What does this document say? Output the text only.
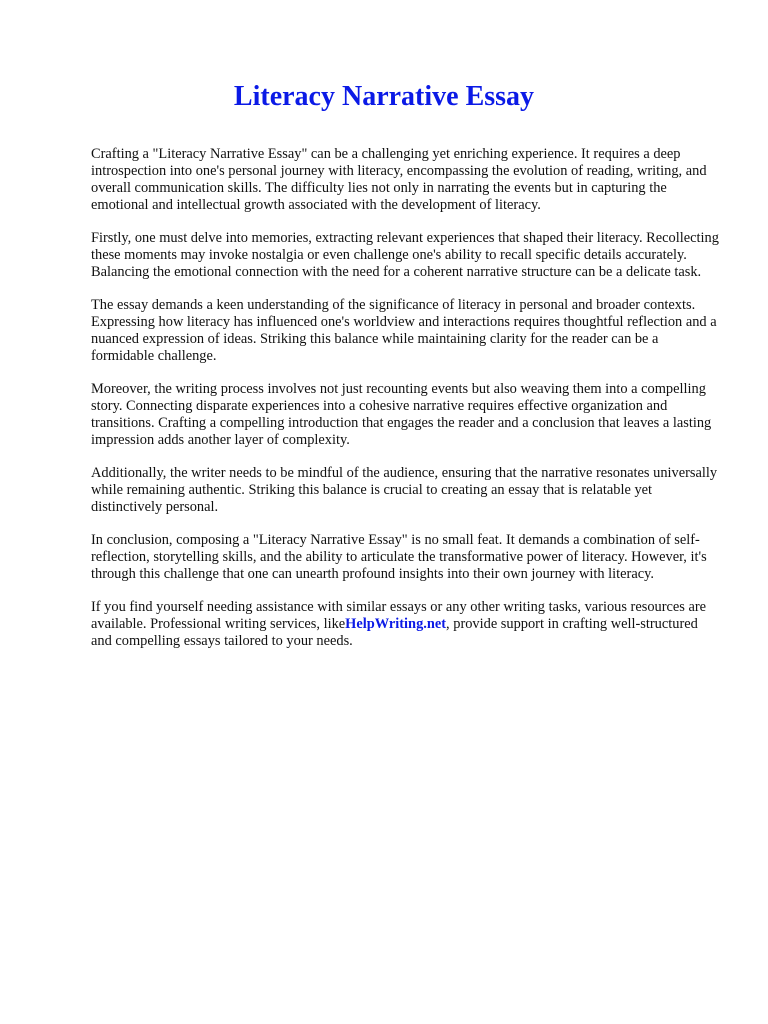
Literacy Narrative Essay

Crafting a "Literacy Narrative Essay" can be a challenging yet enriching experience. It requires a deep introspection into one's personal journey with literacy, encompassing the evolution of reading, writing, and overall communication skills. The difficulty lies not only in narrating the events but in capturing the emotional and intellectual growth associated with the development of literacy.

Firstly, one must delve into memories, extracting relevant experiences that shaped their literacy. Recollecting these moments may invoke nostalgia or even challenge one's ability to recall specific details accurately. Balancing the emotional connection with the need for a coherent narrative structure can be a delicate task.

The essay demands a keen understanding of the significance of literacy in personal and broader contexts. Expressing how literacy has influenced one's worldview and interactions requires thoughtful reflection and a nuanced expression of ideas. Striking this balance while maintaining clarity for the reader can be a formidable challenge.

Moreover, the writing process involves not just recounting events but also weaving them into a compelling story. Connecting disparate experiences into a cohesive narrative requires effective organization and transitions. Crafting a compelling introduction that engages the reader and a conclusion that leaves a lasting impression adds another layer of complexity.

Additionally, the writer needs to be mindful of the audience, ensuring that the narrative resonates universally while remaining authentic. Striking this balance is crucial to creating an essay that is relatable yet distinctively personal.

In conclusion, composing a "Literacy Narrative Essay" is no small feat. It demands a combination of self-reflection, storytelling skills, and the ability to articulate the transformative power of literacy. However, it's through this challenge that one can unearth profound insights into their own journey with literacy.

If you find yourself needing assistance with similar essays or any other writing tasks, various resources are available. Professional writing services, likeHelpWriting.net, provide support in crafting well-structured and compelling essays tailored to your needs.
